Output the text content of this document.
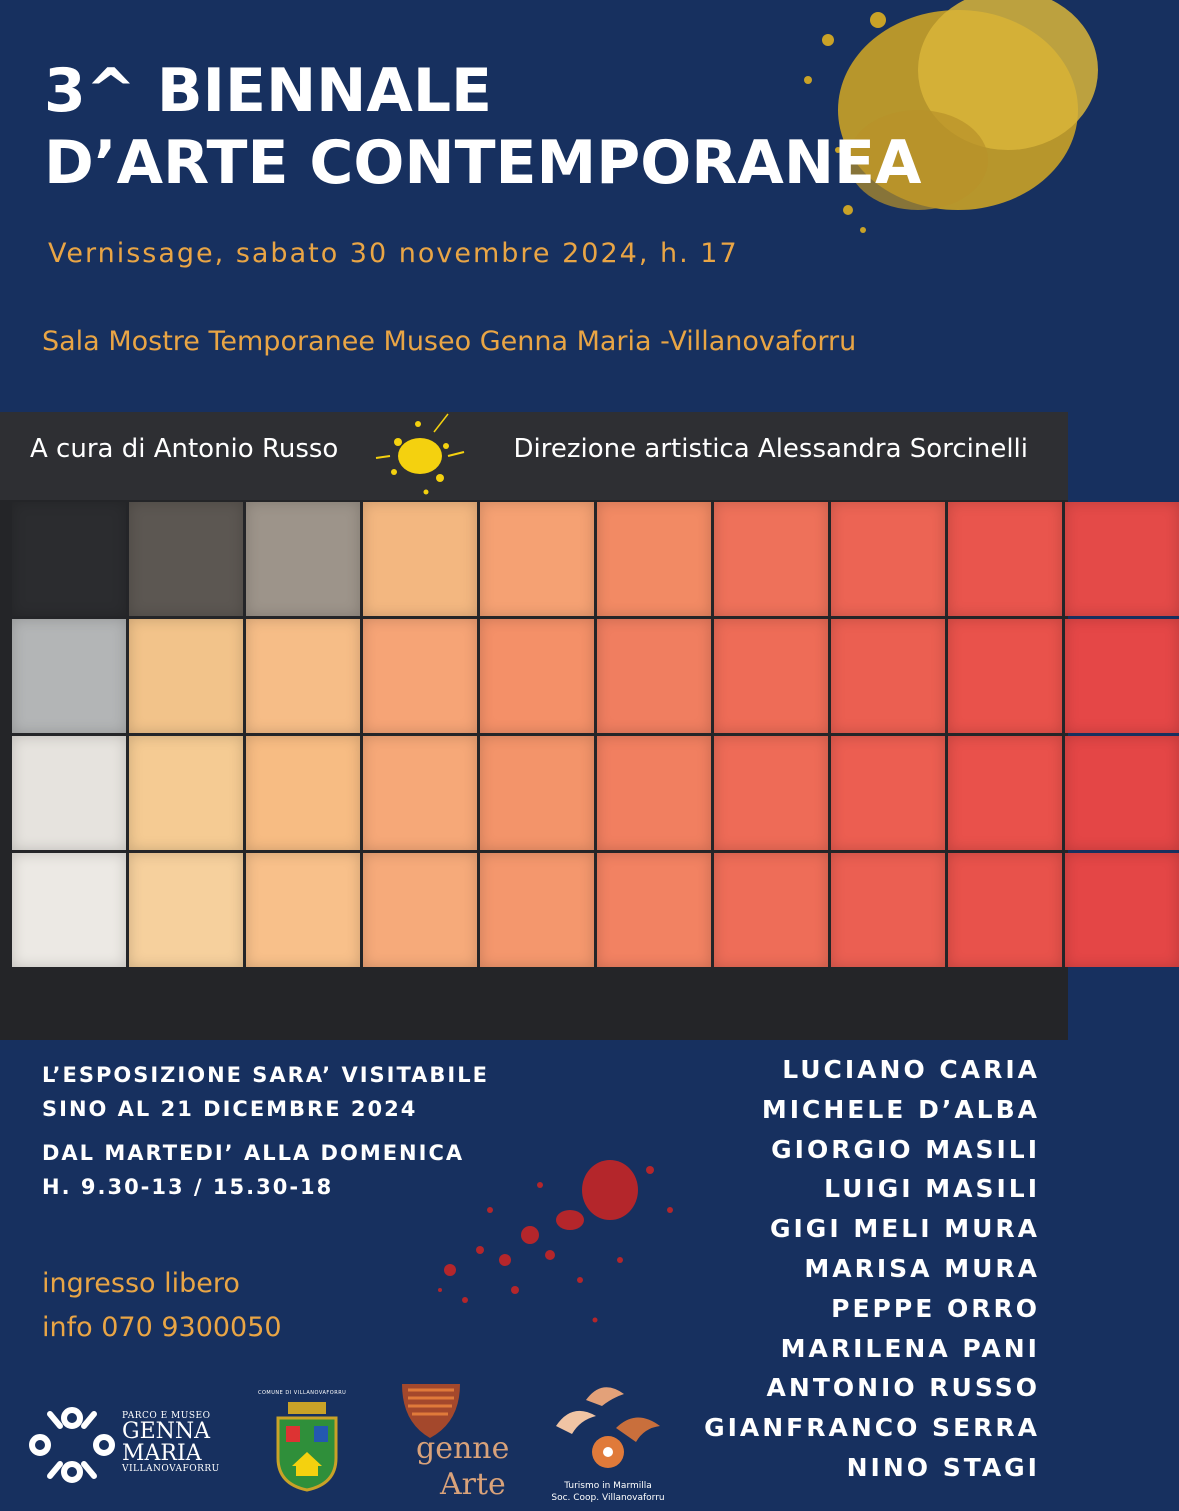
3^ BIENNALE
D’ARTE CONTEMPORANEA
Vernissage, sabato 30 novembre 2024, h. 17
Sala Mostre Temporanee Museo Genna Maria -Villanovaforru
A cura di Antonio Russo	Direzione artistica Alessandra Sorcinelli
L’ESPOSIZIONE SARA’ VISITABILE
SINO AL 21 DICEMBRE 2024
DAL MARTEDI’ ALLA DOMENICA
H. 9.30-13 / 15.30-18
ingresso libero
info 070 9300050
LUCIANO CARIA
MICHELE D’ALBA
GIORGIO MASILI
LUIGI MASILI
GIGI MELI MURA
MARISA MURA
PEPPE ORRO
MARILENA PANI
ANTONIO RUSSO
GIANFRANCO SERRA
NINO STAGI
PARCO E MUSEO
GENNA
MARIA
VILLANOVAFORRU
COMUNE DI VILLANOVAFORRU
genne
Arte	Turismo in Marmilla
Soc. Coop. Villanovaforru
